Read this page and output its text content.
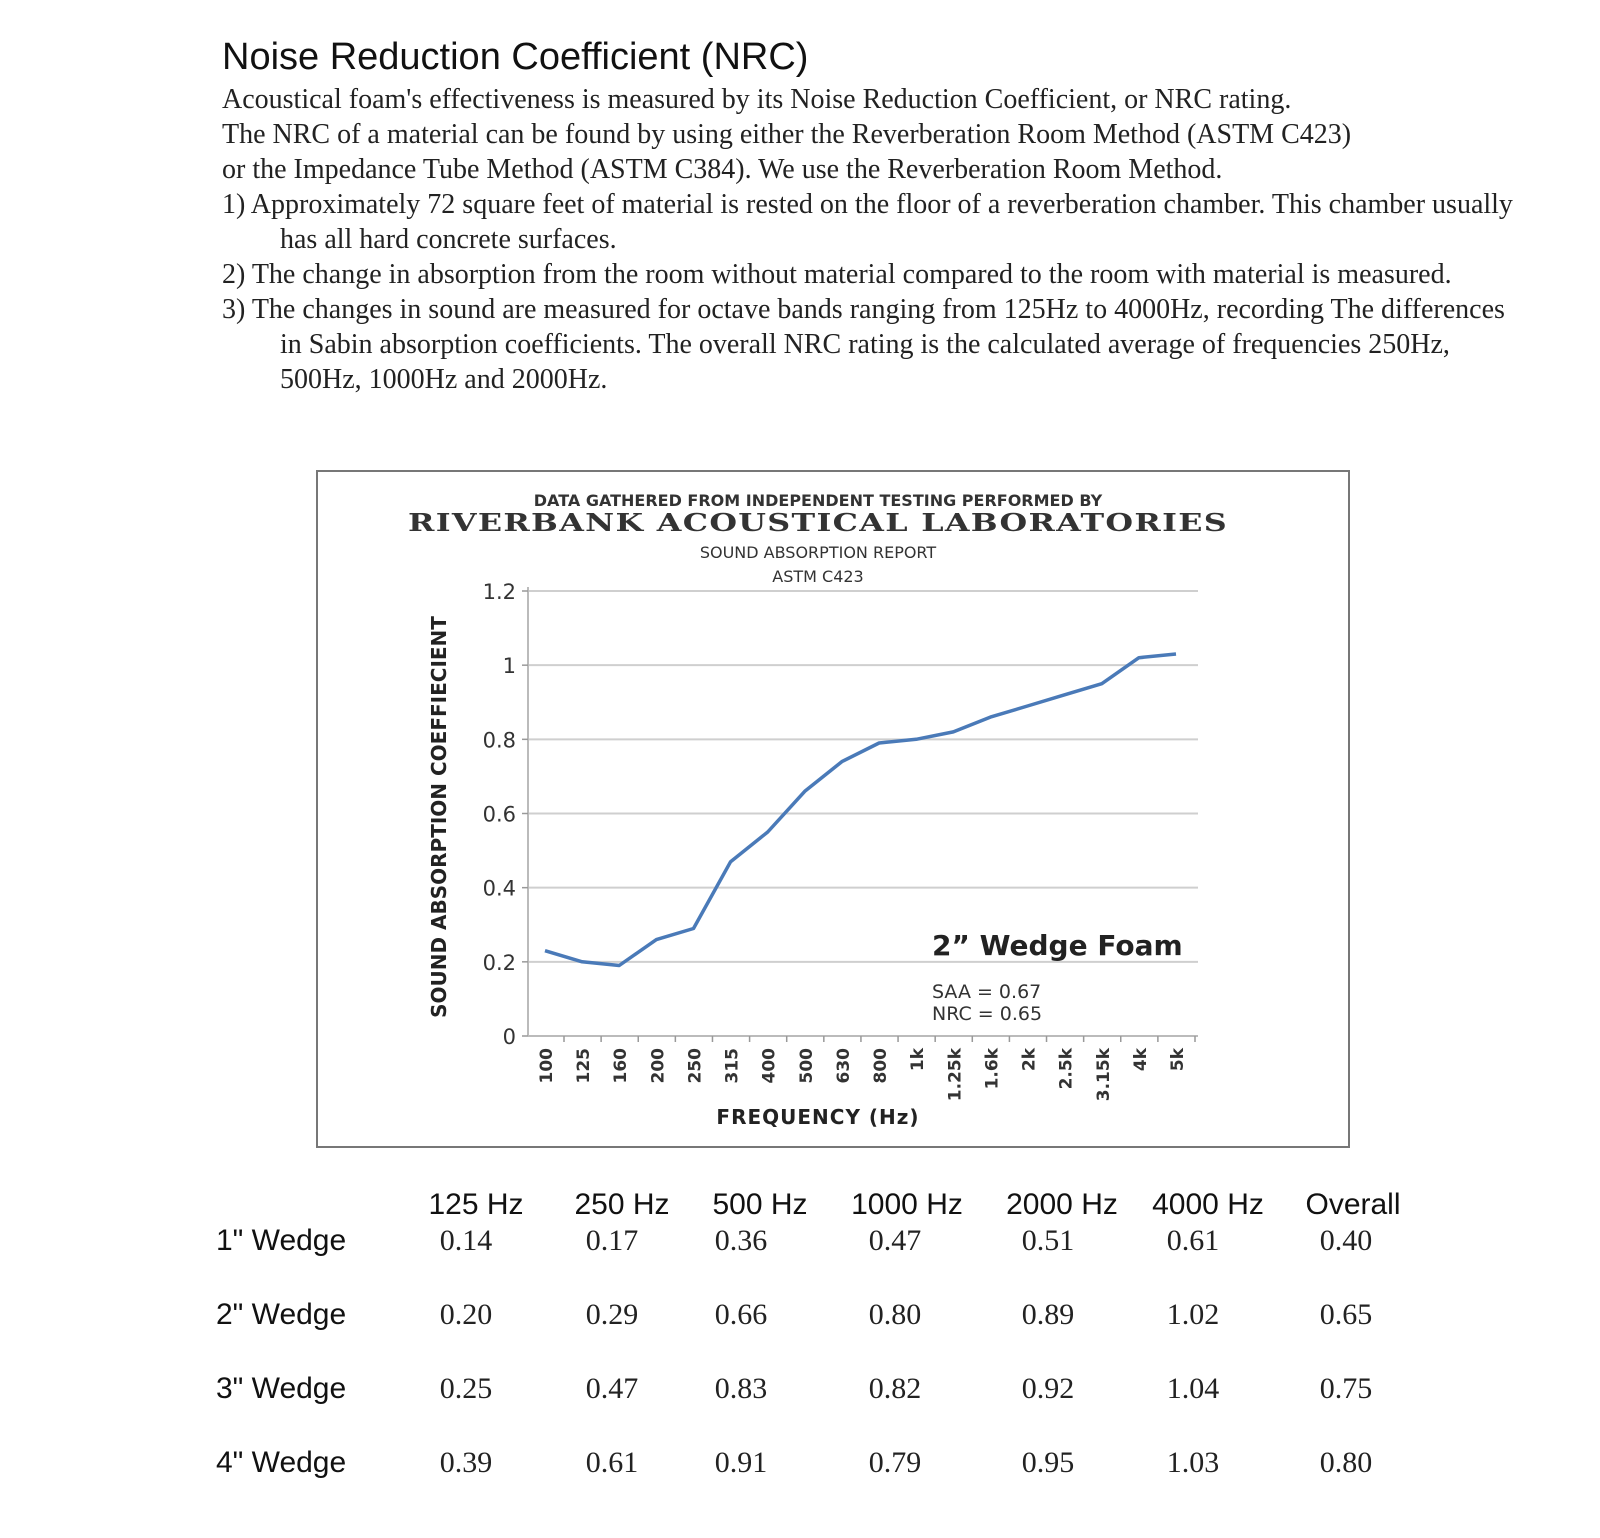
Noise Reduction Coefficient (NRC)

Acoustical foam's effectiveness is measured by its Noise Reduction Coefficient, or NRC rating.

The NRC of a material can be found by using either the Reverberation Room Method (ASTM C423)

or the Impedance Tube Method (ASTM C384). We use the Reverberation Room Method.

1) Approximately 72 square feet of material is rested on the floor of a reverberation chamber. This chamber usually has all hard concrete surfaces.
2) The change in absorption from the room without material compared to the room with material is measured.
3) The changes in sound are measured for octave bands ranging from 125Hz to 4000Hz, recording The differences in Sabin absorption coefficients. The overall NRC rating is the calculated average of frequencies 250Hz, 500Hz, 1000Hz and 2000Hz.
DATA GATHERED FROM INDEPENDENT TESTING PERFORMED BY
RIVERBANK ACOUSTICAL LABORATORIES
SOUND ABSORPTION REPORT
ASTM C423
0
0.2
0.4
0.6
0.8
1
1.2
100 125 160 200 250 315 400 500 630 800 1k 1.25k 1.6k 2k 2.5k 3.15k 4k 5k
SOUND ABSORPTION COEFFIECIENT
FREQUENCY (Hz)
2” Wedge Foam
SAA = 0.67
NRC = 0.65
125 Hz 250 Hz 500 Hz 1000 Hz 2000 Hz 4000 Hz Overall
1" Wedge	0.14	0.17	0.36	0.47	0.51	0.61	0.40
2" Wedge	0.20	0.29	0.66	0.80	0.89	1.02	0.65
3" Wedge	0.25	0.47	0.83	0.82	0.92	1.04	0.75
4" Wedge	0.39	0.61	0.91	0.79	0.95	1.03	0.80
